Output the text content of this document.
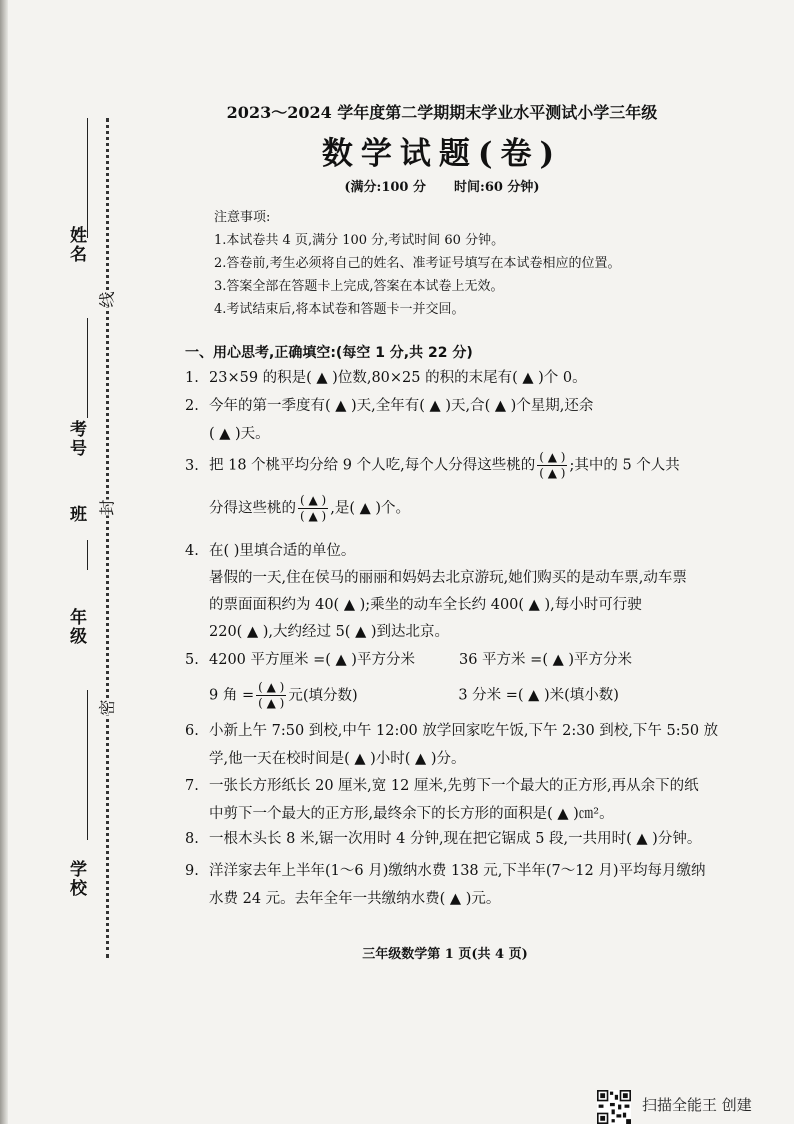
姓名
考号
班
年级
学校
线
封
密
2023～2024 学年度第二学期期末学业水平测试小学三年级
数学试题(卷)
(满分:100 分 时间:60 分钟)
注意事项:
1.本试卷共 4 页,满分 100 分,考试时间 60 分钟。
2.答卷前,考生必须将自己的姓名、准考证号填写在本试卷相应的位置。
3.答案全部在答题卡上完成,答案在本试卷上无效。
4.考试结束后,将本试卷和答题卡一并交回。
一、用心思考,正确填空:(每空 1 分,共 22 分)
1. 23×59 的积是( ▲ )位数,80×25 的积的末尾有( ▲ )个 0。
2. 今年的第一季度有( ▲ )天,全年有( ▲ )天,合( ▲ )个星期,还余
( ▲ )天。
3. 把 18 个桃平均分给 9 个人吃,每个人分得这些桃的 $\frac{( ▲ )}{( ▲ )}$ ;其中的 5 个人共
分得这些桃的 $\frac{( ▲ )}{( ▲ )}$ ,是( ▲ )个。
4. 在( )里填合适的单位。
暑假的一天,住在侯马的丽丽和妈妈去北京游玩,她们购买的是动车票,动车票
的票面面积约为 40( ▲ );乘坐的动车全长约 400( ▲ ),每小时可行驶
220( ▲ ),大约经过 5( ▲ )到达北京。
5. 4200 平方厘米 =( ▲ )平方分米	36 平方米 =( ▲ )平方分米
9 角 = $\frac{( ▲ )}{( ▲ )}$ 元(填分数)	3 分米 =( ▲ )米(填小数)
6. 小新上午 7:50 到校,中午 12:00 放学回家吃午饭,下午 2:30 到校,下午 5:50 放
学,他一天在校时间是( ▲ )小时( ▲ )分。
7. 一张长方形纸长 20 厘米,宽 12 厘米,先剪下一个最大的正方形,再从余下的纸
中剪下一个最大的正方形,最终余下的长方形的面积是( ▲ )㎝²。
8. 一根木头长 8 米,锯一次用时 4 分钟,现在把它锯成 5 段,一共用时( ▲ )分钟。
9. 洋洋家去年上半年(1～6 月)缴纳水费 138 元,下半年(7～12 月)平均每月缴纳
水费 24 元。去年全年一共缴纳水费( ▲ )元。
三年级数学第 1 页(共 4 页)
扫描全能王 创建
